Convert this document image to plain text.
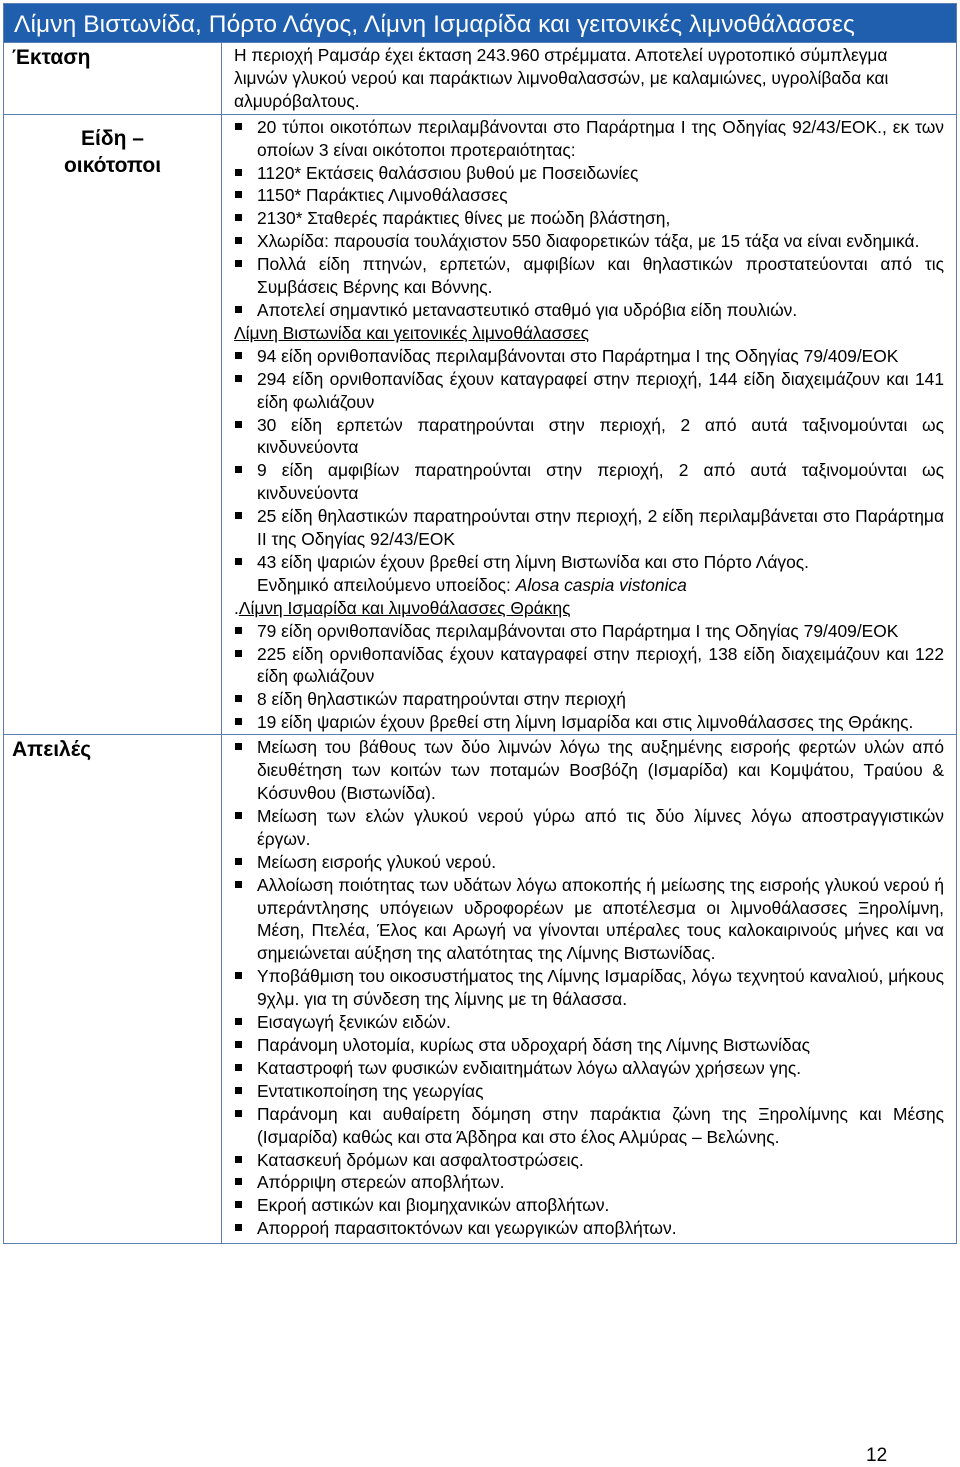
Λίμνη Βιστωνίδα, Πόρτο Λάγος, Λίμνη Ισμαρίδα και γειτονικές λιμνοθάλασσες
Έκταση	Η περιοχή Ραμσάρ έχει έκταση 243.960 στρέμματα. Αποτελεί υγροτοπικό σύμπλεγμα λιμνών γλυκού νερού και παράκτιων λιμνοθαλασσών, με καλαμιώνες, υγρολίβαδα και αλμυρόβαλτους.
Είδη –
οικότοποι
20 τύποι οικοτόπων περιλαμβάνονται στο Παράρτημα Ι της Οδηγίας 92/43/ΕΟΚ., εκ των οποίων 3 είναι οικότοποι προτεραιότητας:
1120* Εκτάσεις θαλάσσιου βυθού με Ποσειδωνίες
1150* Παράκτιες Λιμνοθάλασσες
2130* Σταθερές παράκτιες θίνες με ποώδη βλάστηση,
Χλωρίδα: παρουσία τουλάχιστον 550 διαφορετικών τάξα, με 15 τάξα να είναι ενδημικά.
Πολλά είδη πτηνών, ερπετών, αμφιβίων και θηλαστικών προστατεύονται από τις Συμβάσεις Βέρνης και Βόννης.
Αποτελεί σημαντικό μεταναστευτικό σταθμό για υδρόβια είδη πουλιών.
Λίμνη Βιστωνίδα και γειτονικές λιμνοθάλασσες
94 είδη ορνιθοπανίδας περιλαμβάνονται στο Παράρτημα Ι της Οδηγίας 79/409/ΕΟΚ
294 είδη ορνιθοπανίδας έχουν καταγραφεί στην περιοχή, 144 είδη διαχειμάζουν και 141 είδη φωλιάζουν
30 είδη ερπετών παρατηρούνται στην περιοχή, 2 από αυτά ταξινομούνται ως κινδυνεύοντα
9 είδη αμφιβίων παρατηρούνται στην περιοχή, 2 από αυτά ταξινομούνται ως κινδυνεύοντα
25 είδη θηλαστικών παρατηρούνται στην περιοχή, 2 είδη περιλαμβάνεται στο Παράρτημα ΙΙ της Οδηγίας 92/43/ΕΟΚ
43 είδη ψαριών έχουν βρεθεί στη λίμνη Βιστωνίδα και στο Πόρτο Λάγος.
Ενδημικό απειλούμενο υποείδος: Alosa caspia vistonica
.Λίμνη Ισμαρίδα και λιμνοθάλασσες Θράκης
79 είδη ορνιθοπανίδας περιλαμβάνονται στο Παράρτημα Ι της Οδηγίας 79/409/ΕΟΚ
225 είδη ορνιθοπανίδας έχουν καταγραφεί στην περιοχή, 138 είδη διαχειμάζουν και 122 είδη φωλιάζουν
8 είδη θηλαστικών παρατηρούνται στην περιοχή
19 είδη ψαριών έχουν βρεθεί στη λίμνη Ισμαρίδα και στις λιμνοθάλασσες της Θράκης.
Απειλές	Μείωση του βάθους των δύο λιμνών λόγω της αυξημένης εισροής φερτών υλών από διευθέτηση των κοιτών των ποταμών Βοσβόζη (Ισμαρίδα) και Κομψάτου, Τραύου & Κόσυνθου (Βιστωνίδα).
Μείωση των ελών γλυκού νερού γύρω από τις δύο λίμνες λόγω αποστραγγιστικών έργων.
Μείωση εισροής γλυκού νερού.
Αλλοίωση ποιότητας των υδάτων λόγω αποκοπής ή μείωσης της εισροής γλυκού νερού ή υπεράντλησης υπόγειων υδροφορέων με αποτέλεσμα οι λιμνοθάλασσες Ξηρολίμνη, Μέση, Πτελέα, Έλος και Αρωγή να γίνονται υπέραλες τους καλοκαιρινούς μήνες και να σημειώνεται αύξηση της αλατότητας της Λίμνης Βιστωνίδας.
Υποβάθμιση του οικοσυστήματος της Λίμνης Ισμαρίδας, λόγω τεχνητού καναλιού, μήκους 9χλμ. για τη σύνδεση της λίμνης με τη θάλασσα.
Εισαγωγή ξενικών ειδών.
Παράνομη υλοτομία, κυρίως στα υδροχαρή δάση της Λίμνης Βιστωνίδας
Καταστροφή των φυσικών ενδιαιτημάτων λόγω αλλαγών χρήσεων γης.
Εντατικοποίηση της γεωργίας
Παράνομη και αυθαίρετη δόμηση στην παράκτια ζώνη της Ξηρολίμνης και Μέσης (Ισμαρίδα) καθώς και στα Άβδηρα και στο έλος Αλμύρας – Βελώνης.
Κατασκευή δρόμων και ασφαλτοστρώσεις.
Απόρριψη στερεών αποβλήτων.
Εκροή αστικών και βιομηχανικών αποβλήτων.
Απορροή παρασιτοκτόνων και γεωργικών αποβλήτων.
12
